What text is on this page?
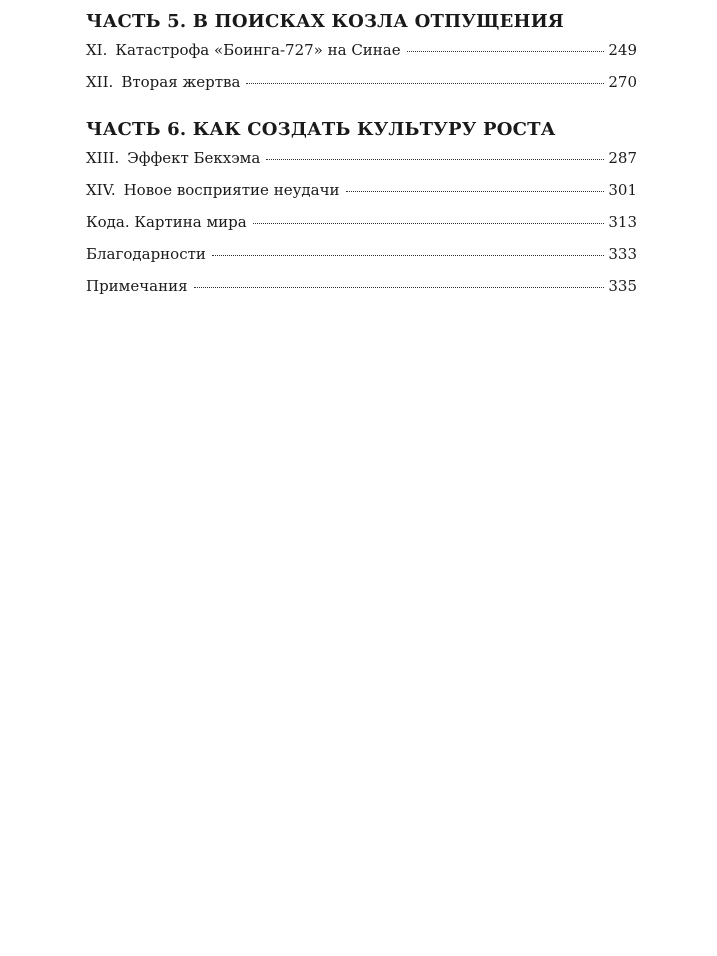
ЧАСТЬ 5. В ПОИСКАХ КОЗЛА ОТПУЩЕНИЯ
XI. Катастрофа «Боинга-727» на Синае	249
XII. Вторая жертва	270
ЧАСТЬ 6. КАК СОЗДАТЬ КУЛЬТУРУ РОСТА
XIII. Эффект Бекхэма	287
XIV. Новое восприятие неудачи	301
Кода. Картина мира	313
Благодарности	333
Примечания	335
